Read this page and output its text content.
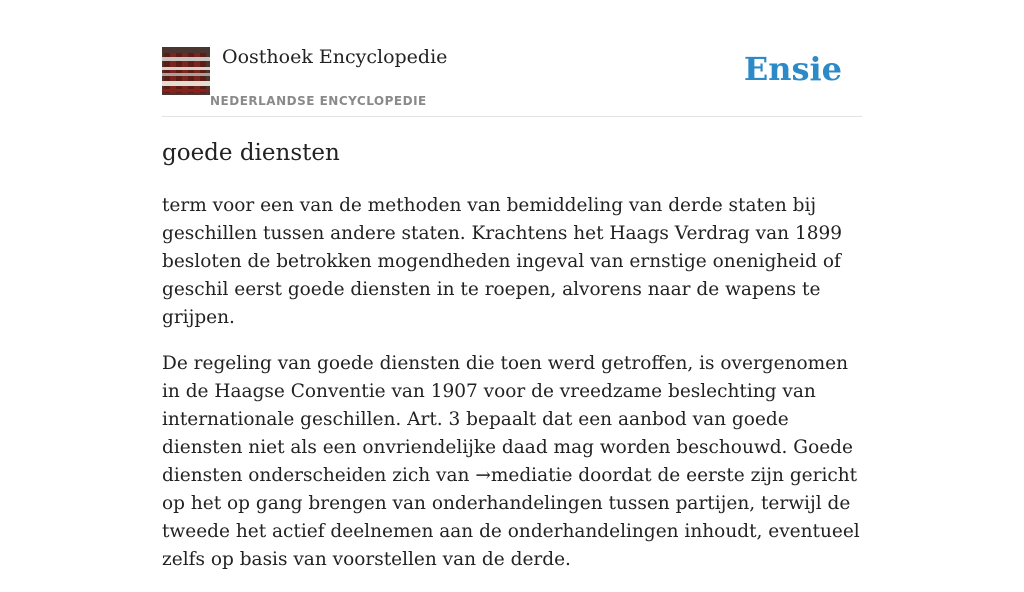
Oosthoek Encyclopedie
NEDERLANDSE ENCYCLOPEDIE
Ensie
goede diensten

term voor een van de methoden van bemiddeling van derde staten bij geschillen tussen andere staten. Krachtens het Haags Verdrag van 1899 besloten de betrokken mogendheden ingeval van ernstige onenigheid of geschil eerst goede diensten in te roepen, alvorens naar de wapens te grijpen.

De regeling van goede diensten die toen werd getroffen, is overgenomen in de Haagse Conventie van 1907 voor de vreedzame beslechting van internationale geschillen. Art. 3 bepaalt dat een aanbod van goede diensten niet als een onvriendelijke daad mag worden beschouwd. Goede diensten onderscheiden zich van →mediatie doordat de eerste zijn gericht op het op gang brengen van onderhandelingen tussen partijen, terwijl de tweede het actief deelnemen aan de onderhandelingen inhoudt, eventueel zelfs op basis van voorstellen van de derde.
